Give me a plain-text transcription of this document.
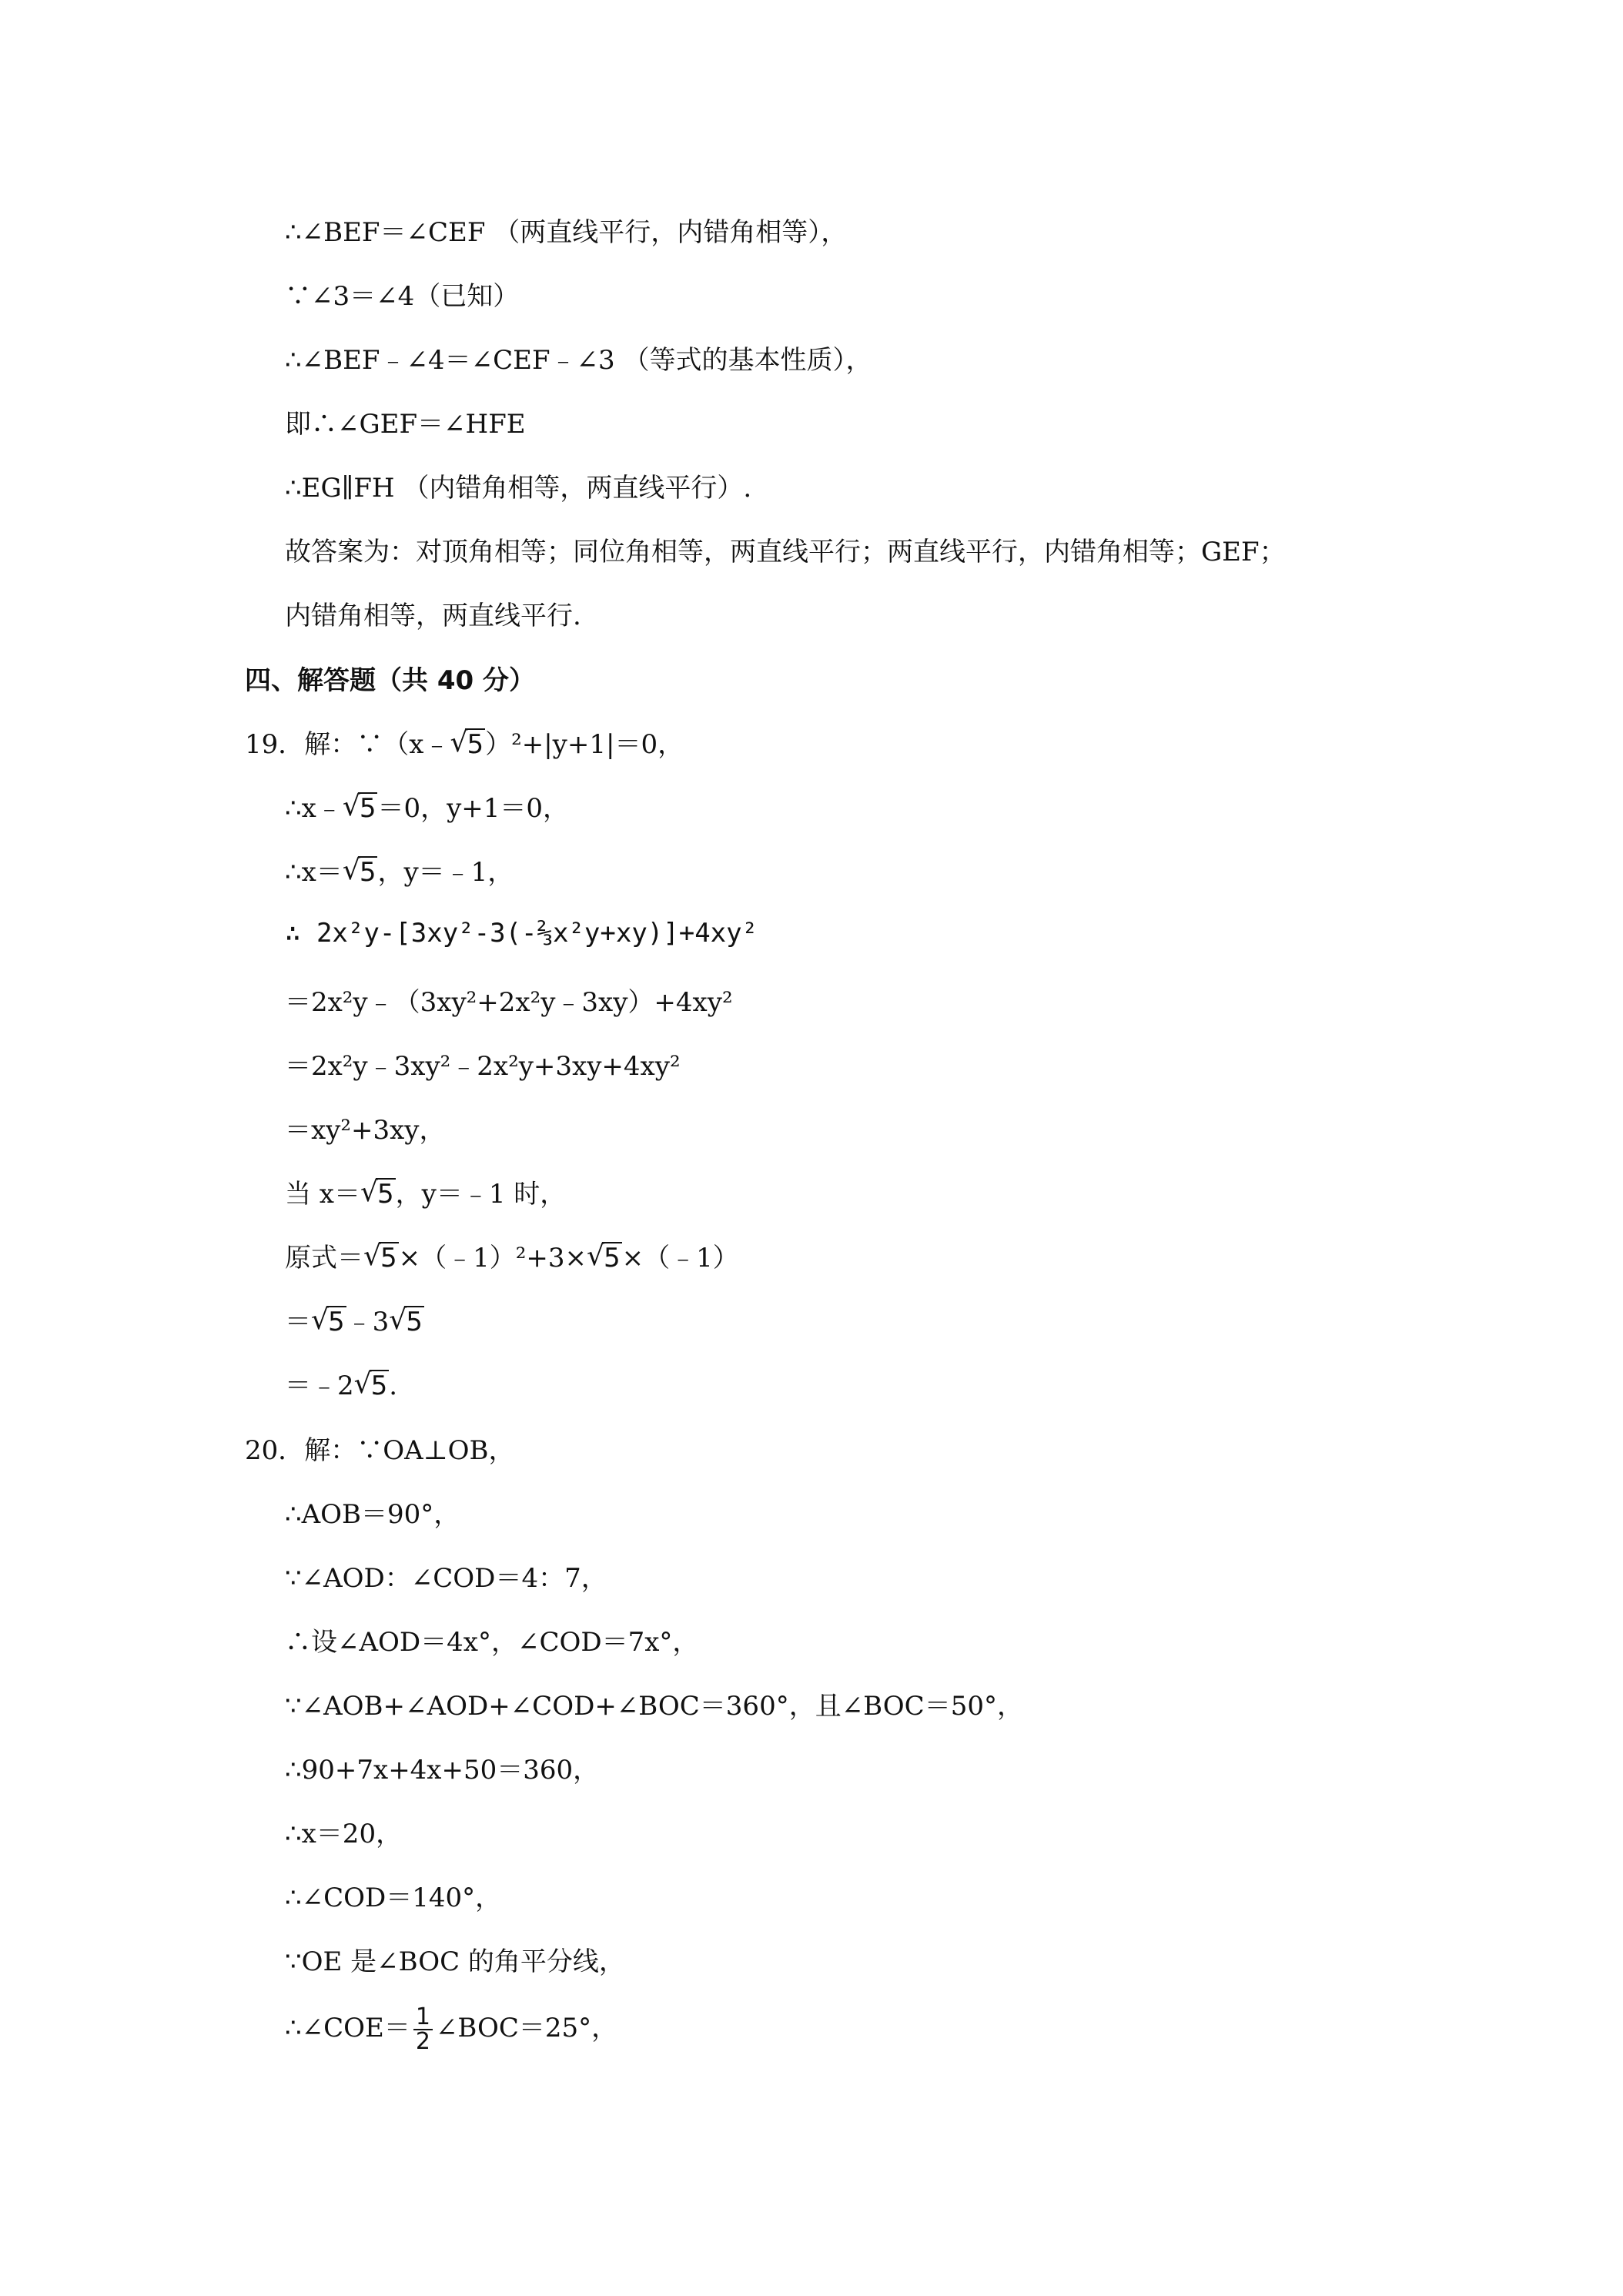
∴∠BEF＝∠CEF （两直线平行，内错角相等），
∵∠3＝∠4（已知）
∴∠BEF﹣∠4＝∠CEF﹣∠3 （等式的基本性质），
即∴∠GEF＝∠HFE
∴EG∥FH （内错角相等，两直线平行）.
故答案为：对顶角相等；同位角相等，两直线平行；两直线平行，内错角相等；GEF；
内错角相等，两直线平行.
四、解答题（共 40 分）
19．解：∵（x﹣ √ 5）²+|y+1|＝0，
∴x﹣ √ 5＝0，y+1＝0，
∴x＝ √ 5，y＝﹣1，
∴ 2x²y-[3xy²-3(-⅔x²y+xy)]+4xy²
＝2x²y﹣（3xy²+2x²y﹣3xy）+4xy²
＝2x²y﹣3xy²﹣2x²y+3xy+4xy²
＝xy²+3xy，
当 x＝ √ 5，y＝﹣1 时，
原式＝ √ 5×（﹣1）²+3× √ 5×（﹣1）
＝ √ 5﹣3 √ 5
＝﹣2 √ 5.
20．解：∵OA⊥OB，
∴AOB＝90°，
∵∠AOD：∠COD＝4：7，
∴设∠AOD＝4x°，∠COD＝7x°，
∵∠AOB+∠AOD+∠COD+∠BOC＝360°，且∠BOC＝50°，
∴90+7x+4x+50＝360，
∴x＝20，
∴∠COD＝140°，
∵OE 是∠BOC 的角平分线，
∴∠COE＝ $\frac{1}{2}$ ∠BOC＝25°，
